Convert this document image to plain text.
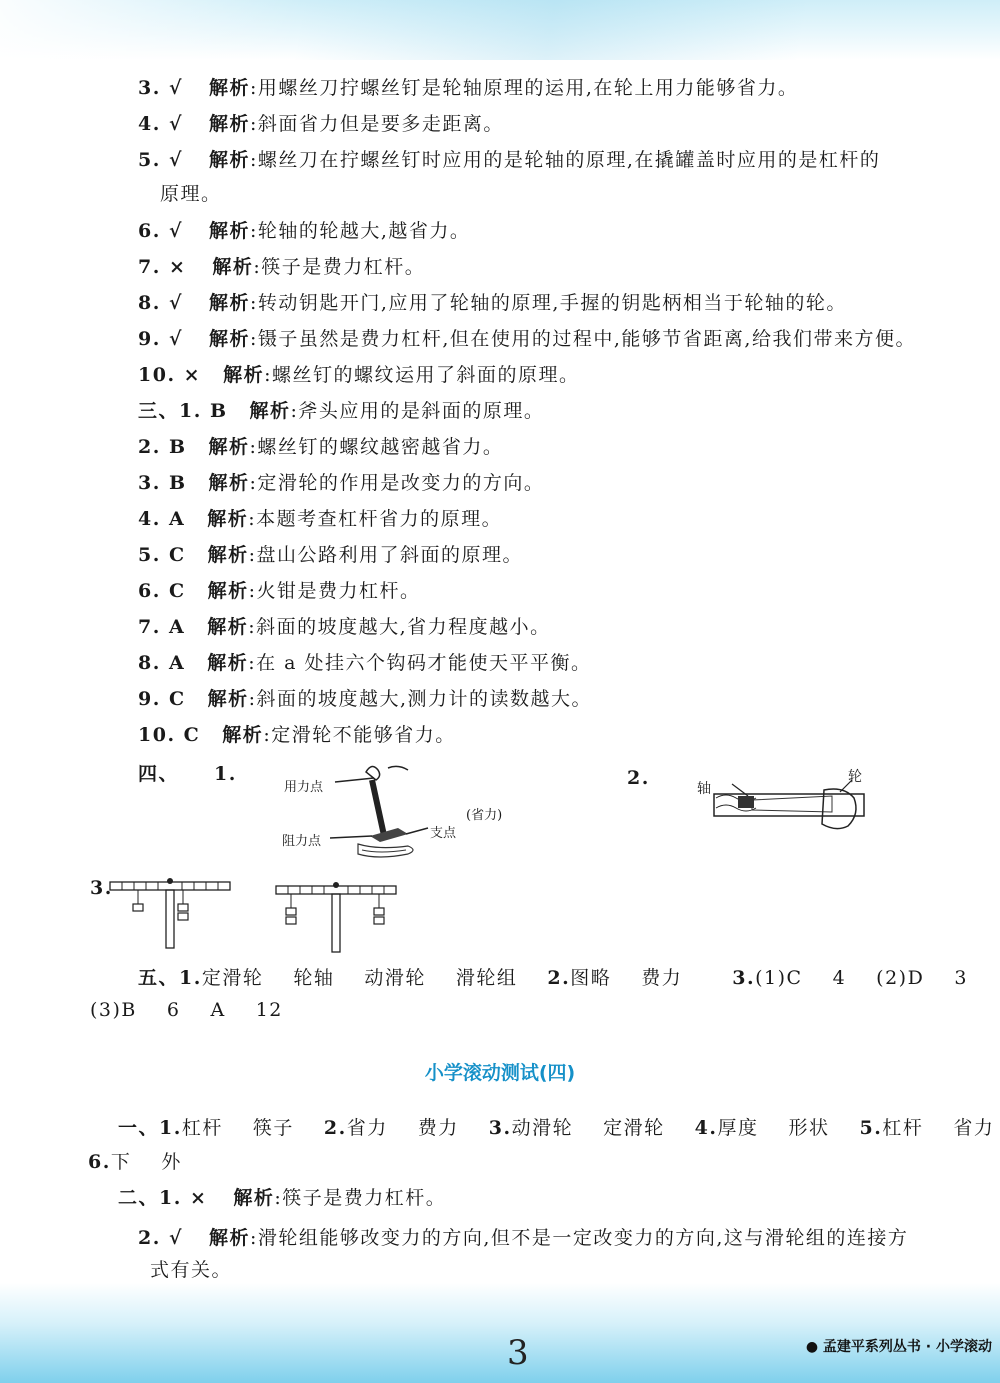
3. √ 解析:用螺丝刀拧螺丝钉是轮轴原理的运用,在轮上用力能够省力。
4. √ 解析:斜面省力但是要多走距离。
5. √ 解析:螺丝刀在拧螺丝钉时应用的是轮轴的原理,在撬罐盖时应用的是杠杆的
原理。
6. √ 解析:轮轴的轮越大,越省力。
7. × 解析:筷子是费力杠杆。
8. √ 解析:转动钥匙开门,应用了轮轴的原理,手握的钥匙柄相当于轮轴的轮。
9. √ 解析:镊子虽然是费力杠杆,但在使用的过程中,能够节省距离,给我们带来方便。
10. × 解析:螺丝钉的螺纹运用了斜面的原理。
三、1. B 解析:斧头应用的是斜面的原理。
2. B 解析:螺丝钉的螺纹越密越省力。
3. B 解析:定滑轮的作用是改变力的方向。
4. A 解析:本题考查杠杆省力的原理。
5. C 解析:盘山公路利用了斜面的原理。
6. C 解析:火钳是费力杠杆。
7. A 解析:斜面的坡度越大,省力程度越小。
8. A 解析:在 a 处挂六个钩码才能使天平平衡。
9. C 解析:斜面的坡度越大,测力计的读数越大。
10. C 解析:定滑轮不能够省力。
四、 1.	2.
用力点
阻力点
支点
(省力)
轴
轮
3.
五、1.定滑轮 轮轴 动滑轮 滑轮组 2.图略 费力	3.(1)C 4 (2)D 3
(3)B 6 A 12
小学滚动测试(四)
一、1.杠杆 筷子 2.省力 费力 3.动滑轮 定滑轮 4.厚度 形状 5.杠杆 省力
6.下 外
二、1. × 解析:筷子是费力杠杆。
2. √ 解析:滑轮组能够改变力的方向,但不是一定改变力的方向,这与滑轮组的连接方
式有关。
3	● 孟建平系列丛书 · 小学滚动
